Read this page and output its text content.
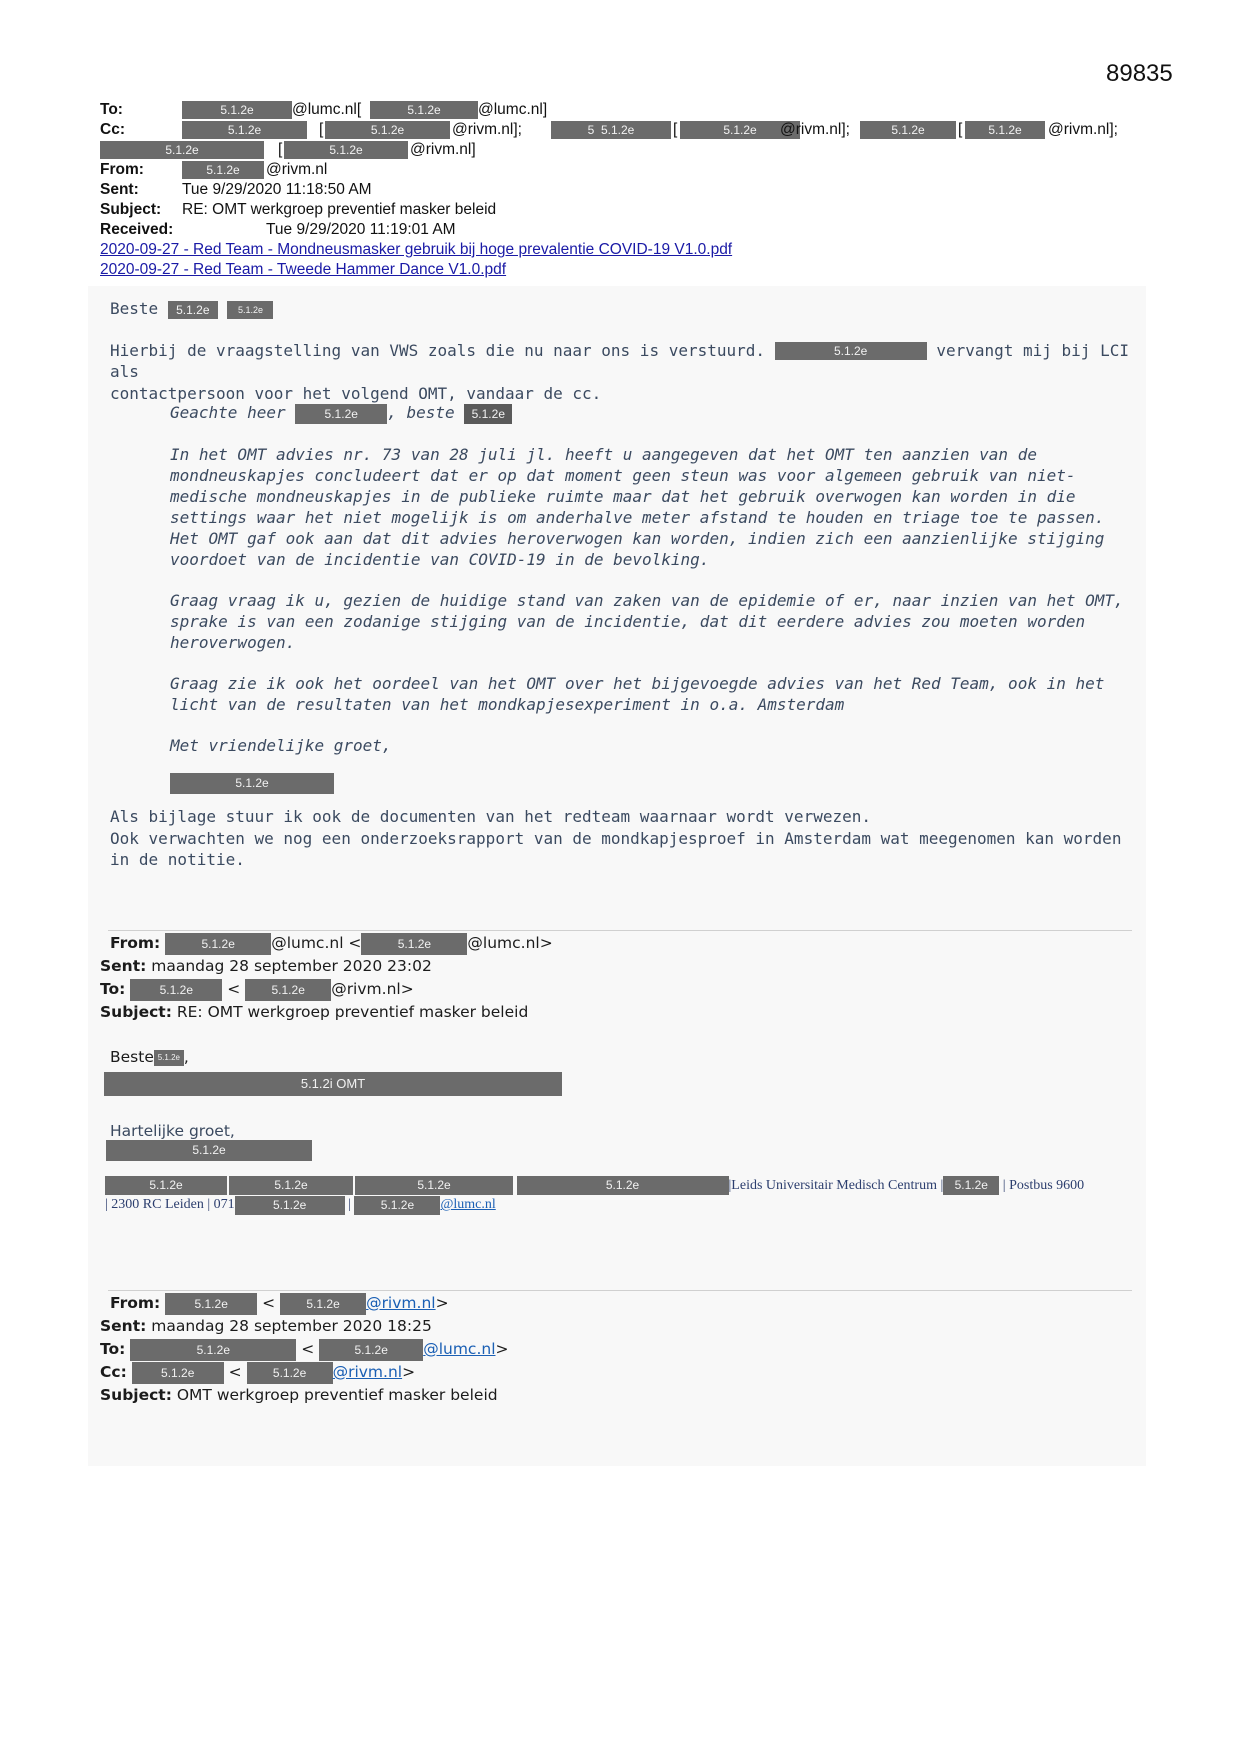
89835
To:	5.1.2e	@lumc.nl[	5.1.2e	@lumc.nl]
Cc:	5.1.2e	[	5.1.2e	@rivm.nl];	5 5.1.2e	[	5.1.2e	@rivm.nl];	5.1.2e	[	5.1.2e	@rivm.nl];
5.1.2e	[	5.1.2e	@rivm.nl]
From:	5.1.2e	@rivm.nl
Sent:	Tue 9/29/2020 11:18:50 AM
Subject: RE: OMT werkgroep preventief masker beleid
Received:	Tue 9/29/2020 11:19:01 AM
2020-09-27 - Red Team - Mondneusmasker gebruik bij hoge prevalentie COVID-19 V1.0.pdf
2020-09-27 - Red Team - Tweede Hammer Dance V1.0.pdf

Beste 5.1.2e	5.1.2e

Hierbij de vraagstelling van VWS zoals die nu naar ons is verstuurd.	5.1.2e	vervangt mij bij LCI als

contactpersoon voor het volgend OMT, vandaar de cc.

Geachte heer	5.1.2e , beste 5.1.2e

In het OMT advies nr. 73 van 28 juli jl. heeft u aangegeven dat het OMT ten aanzien van de mondneuskapjes concludeert dat er op dat moment geen steun was voor algemeen gebruik van niet-medische mondneuskapjes in de publieke ruimte maar dat het gebruik overwogen kan worden in die settings waar het niet mogelijk is om anderhalve meter afstand te houden en triage toe te passen.

Het OMT gaf ook aan dat dit advies heroverwogen kan worden, indien zich een aanzienlijke stijging voordoet van de incidentie van COVID-19 in de bevolking.

Graag vraag ik u, gezien de huidige stand van zaken van de epidemie of er, naar inzien van het OMT, sprake is van een zodanige stijging van de incidentie, dat dit eerdere advies zou moeten worden heroverwogen.

Graag zie ik ook het oordeel van het OMT over het bijgevoegde advies van het Red Team, ook in het licht van de resultaten van het mondkapjesexperiment in o.a. Amsterdam

Met vriendelijke groet,

5.1.2e

Als bijlage stuur ik ook de documenten van het redteam waarnaar wordt verwezen.

Ook verwachten we nog een onderzoeksrapport van de mondkapjesproef in Amsterdam wat meegenomen kan worden in de notitie.

From:	5.1.2e @lumc.nl <	5.1.2e @lumc.nl>
Sent: maandag 28 september 2020 23:02
To:	5.1.2e <	5.1.2e @rivm.nl>
Subject: RE: OMT werkgroep preventief masker beleid
Beste 5.1.2e ,
5.1.2i OMT
Hartelijke groet,
5.1.2e
5.1.2e	5.1.2e	5.1.2e	5.1.2e	|Leids Universitair Medisch Centrum | 5.1.2e | Postbus 9600
| 2300 RC Leiden | 071	5.1.2e	| 5.1.2e @lumc.nl
From:	5.1.2e <	5.1.2e @rivm.nl>
Sent: maandag 28 september 2020 18:25
To:	5.1.2e	<	5.1.2e @lumc.nl>
Cc:	5.1.2e <	5.1.2e @rivm.nl>
Subject: OMT werkgroep preventief masker beleid
